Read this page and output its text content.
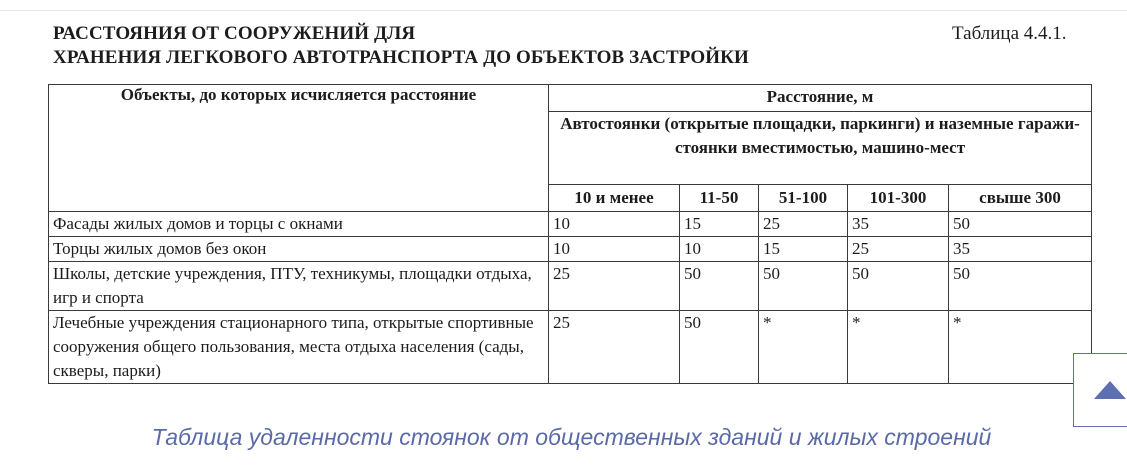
РАССТОЯНИЯ ОТ СООРУЖЕНИЙ ДЛЯ
ХРАНЕНИЯ ЛЕГКОВОГО АВТОТРАНСПОРТА ДО ОБЪЕКТОВ ЗАСТРОЙКИ
Таблица 4.4.1.
Объекты, до которых исчисляется расстояние	Расстояние, м				
	Автостоянки (открытые площадки, паркинги) и наземные гаражи-стоянки вместимостью, машино-мест				
	10 и менее	11-50	51-100	101-300	свыше 300
Фасады жилых домов и торцы с окнами	10	15	25	35	50
Торцы жилых домов без окон	10	10	15	25	35
Школы, детские учреждения, ПТУ, техникумы, площадки отдыха, игр и спорта	25	50	50	50	50
Лечебные учреждения стационарного типа, открытые спортивные сооружения общего пользования, места отдыха населения (сады, скверы, парки)	25	50	*	*	*
Таблица удаленности стоянок от общественных зданий и жилых строений
